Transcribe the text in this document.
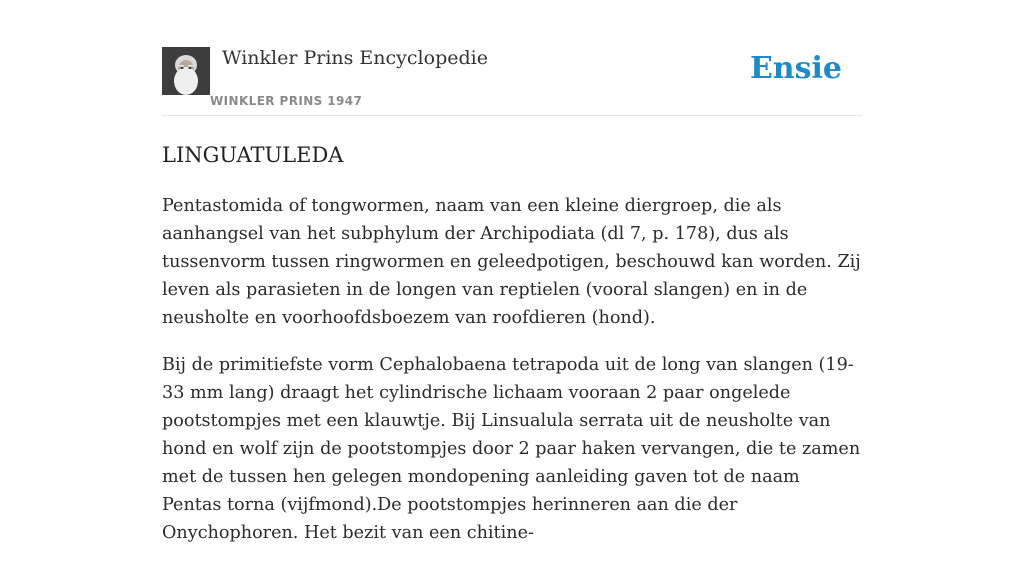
Winkler Prins Encyclopedie
WINKLER PRINS 1947
Ensie
LINGUATULEDA

Pentastomida of tongwormen, naam van een kleine diergroep, die als aanhangsel van het subphylum der Archipodiata (dl 7, p. 178), dus als tussenvorm tussen ringwormen en geleedpotigen, beschouwd kan worden. Zij leven als parasieten in de longen van reptielen (vooral slangen) en in de neusholte en voorhoofdsboezem van roofdieren (hond).

Bij de primitiefste vorm Cephalobaena tetrapoda uit de long van slangen (19-33 mm lang) draagt het cylindrische lichaam vooraan 2 paar ongelede pootstompjes met een klauwtje. Bij Linsualula serrata uit de neusholte van hond en wolf zijn de pootstompjes door 2 paar haken vervangen, die te zamen met de tussen hen gelegen mondopening aanleiding gaven tot de naam Pentas torna (vijfmond).De pootstompjes herinneren aan die der Onychophoren. Het bezit van een chitine-
